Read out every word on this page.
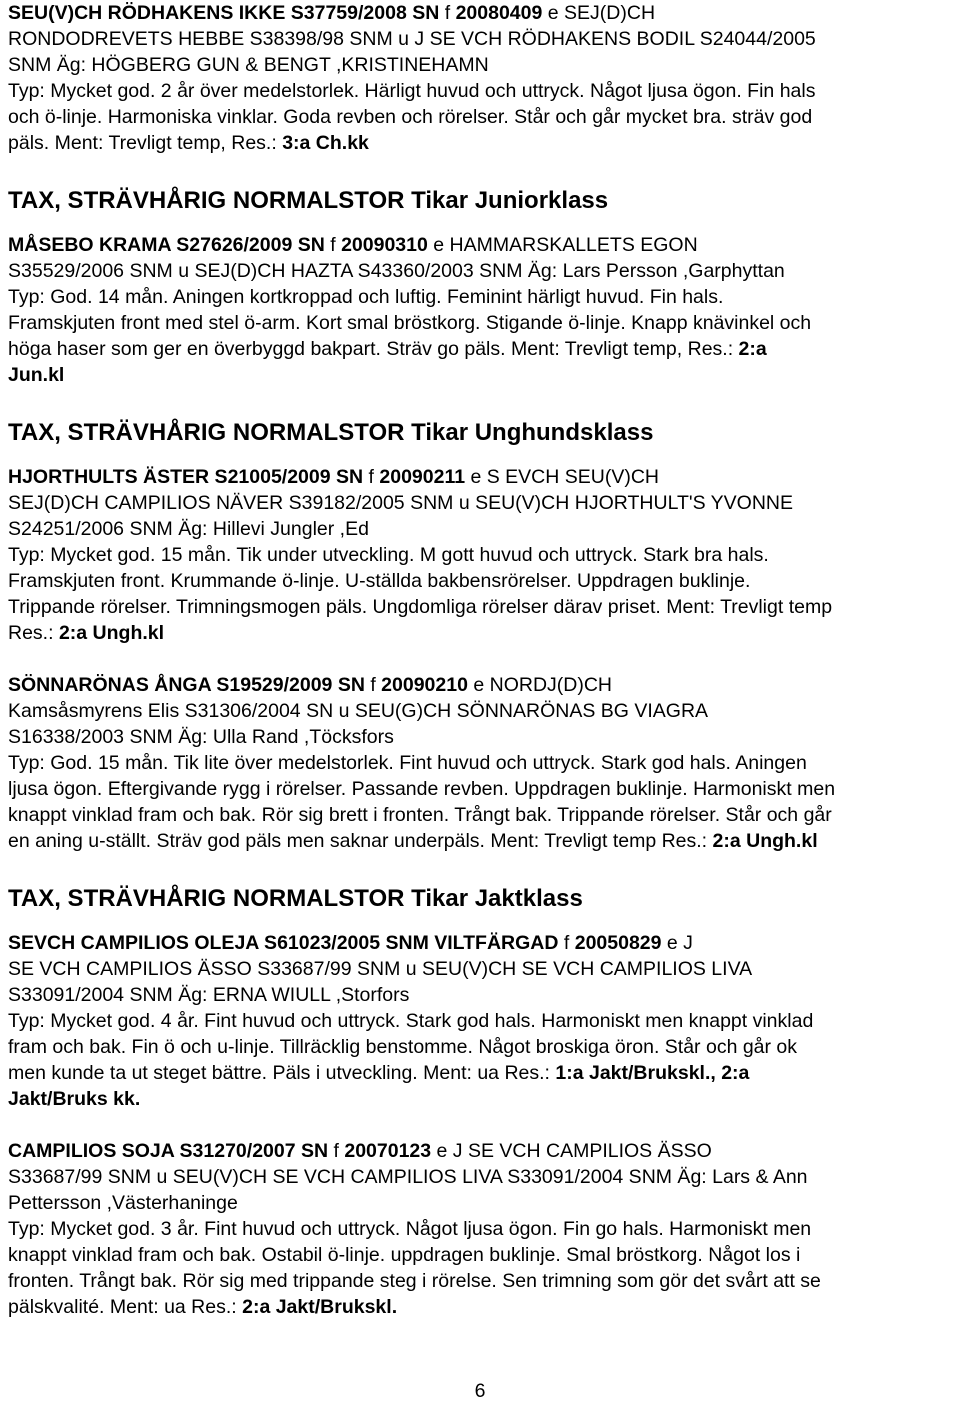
SEU(V)CH RÖDHAKENS IKKE S37759/2008 SN f 20080409 e SEJ(D)CH
RONDODREVETS HEBBE S38398/98 SNM u J SE VCH RÖDHAKENS BODIL S24044/2005
SNM Äg: HÖGBERG GUN & BENGT ,KRISTINEHAMN
Typ: Mycket god. 2 år över medelstorlek. Härligt huvud och uttryck. Något ljusa ögon. Fin hals
och ö-linje. Harmoniska vinklar. Goda revben och rörelser. Står och går mycket bra. sträv god
päls. Ment: Trevligt temp, Res.: 3:a Ch.kk
TAX, STRÄVHÅRIG NORMALSTOR Tikar Juniorklass
MÅSEBO KRAMA S27626/2009 SN f 20090310 e HAMMARSKALLETS EGON
S35529/2006 SNM u SEJ(D)CH HAZTA S43360/2003 SNM Äg: Lars Persson ,Garphyttan
Typ: God. 14 mån. Aningen kortkroppad och luftig. Feminint härligt huvud. Fin hals.
Framskjuten front med stel ö-arm. Kort smal bröstkorg. Stigande ö-linje. Knapp knävinkel och
höga haser som ger en överbyggd bakpart. Sträv go päls. Ment: Trevligt temp, Res.: 2:a
Jun.kl
TAX, STRÄVHÅRIG NORMALSTOR Tikar Unghundsklass
HJORTHULTS ÄSTER S21005/2009 SN f 20090211 e S EVCH SEU(V)CH
SEJ(D)CH CAMPILIOS NÄVER S39182/2005 SNM u SEU(V)CH HJORTHULT'S YVONNE
S24251/2006 SNM Äg: Hillevi Jungler ,Ed
Typ: Mycket god. 15 mån. Tik under utveckling. M gott huvud och uttryck. Stark bra hals.
Framskjuten front. Krummande ö-linje. U-ställda bakbensrörelser. Uppdragen buklinje.
Trippande rörelser. Trimningsmogen päls. Ungdomliga rörelser därav priset. Ment: Trevligt temp
Res.: 2:a Ungh.kl
SÖNNARÖNAS ÅNGA S19529/2009 SN f 20090210 e NORDJ(D)CH
Kamsåsmyrens Elis S31306/2004 SN u SEU(G)CH SÖNNARÖNAS BG VIAGRA
S16338/2003 SNM Äg: Ulla Rand ,Töcksfors
Typ: God. 15 mån. Tik lite över medelstorlek. Fint huvud och uttryck. Stark god hals. Aningen
ljusa ögon. Eftergivande rygg i rörelser. Passande revben. Uppdragen buklinje. Harmoniskt men
knappt vinklad fram och bak. Rör sig brett i fronten. Trångt bak. Trippande rörelser. Står och går
en aning u-ställt. Sträv god päls men saknar underpäls. Ment: Trevligt temp Res.: 2:a Ungh.kl
TAX, STRÄVHÅRIG NORMALSTOR Tikar Jaktklass
SEVCH CAMPILIOS OLEJA S61023/2005 SNM VILTFÄRGAD f 20050829 e J
SE VCH CAMPILIOS ÄSSO S33687/99 SNM u SEU(V)CH SE VCH CAMPILIOS LIVA
S33091/2004 SNM Äg: ERNA WIULL ,Storfors
Typ: Mycket god. 4 år. Fint huvud och uttryck. Stark god hals. Harmoniskt men knappt vinklad
fram och bak. Fin ö och u-linje. Tillräcklig benstomme. Något broskiga öron. Står och går ok
men kunde ta ut steget bättre. Päls i utveckling. Ment: ua Res.: 1:a Jakt/Brukskl., 2:a
Jakt/Bruks kk.
CAMPILIOS SOJA S31270/2007 SN f 20070123 e J SE VCH CAMPILIOS ÄSSO
S33687/99 SNM u SEU(V)CH SE VCH CAMPILIOS LIVA S33091/2004 SNM Äg: Lars & Ann
Pettersson ,Västerhaninge
Typ: Mycket god. 3 år. Fint huvud och uttryck. Något ljusa ögon. Fin go hals. Harmoniskt men
knappt vinklad fram och bak. Ostabil ö-linje. uppdragen buklinje. Smal bröstkorg. Något los i
fronten. Trångt bak. Rör sig med trippande steg i rörelse. Sen trimning som gör det svårt att se
pälskvalité. Ment: ua Res.: 2:a Jakt/Brukskl.
6
